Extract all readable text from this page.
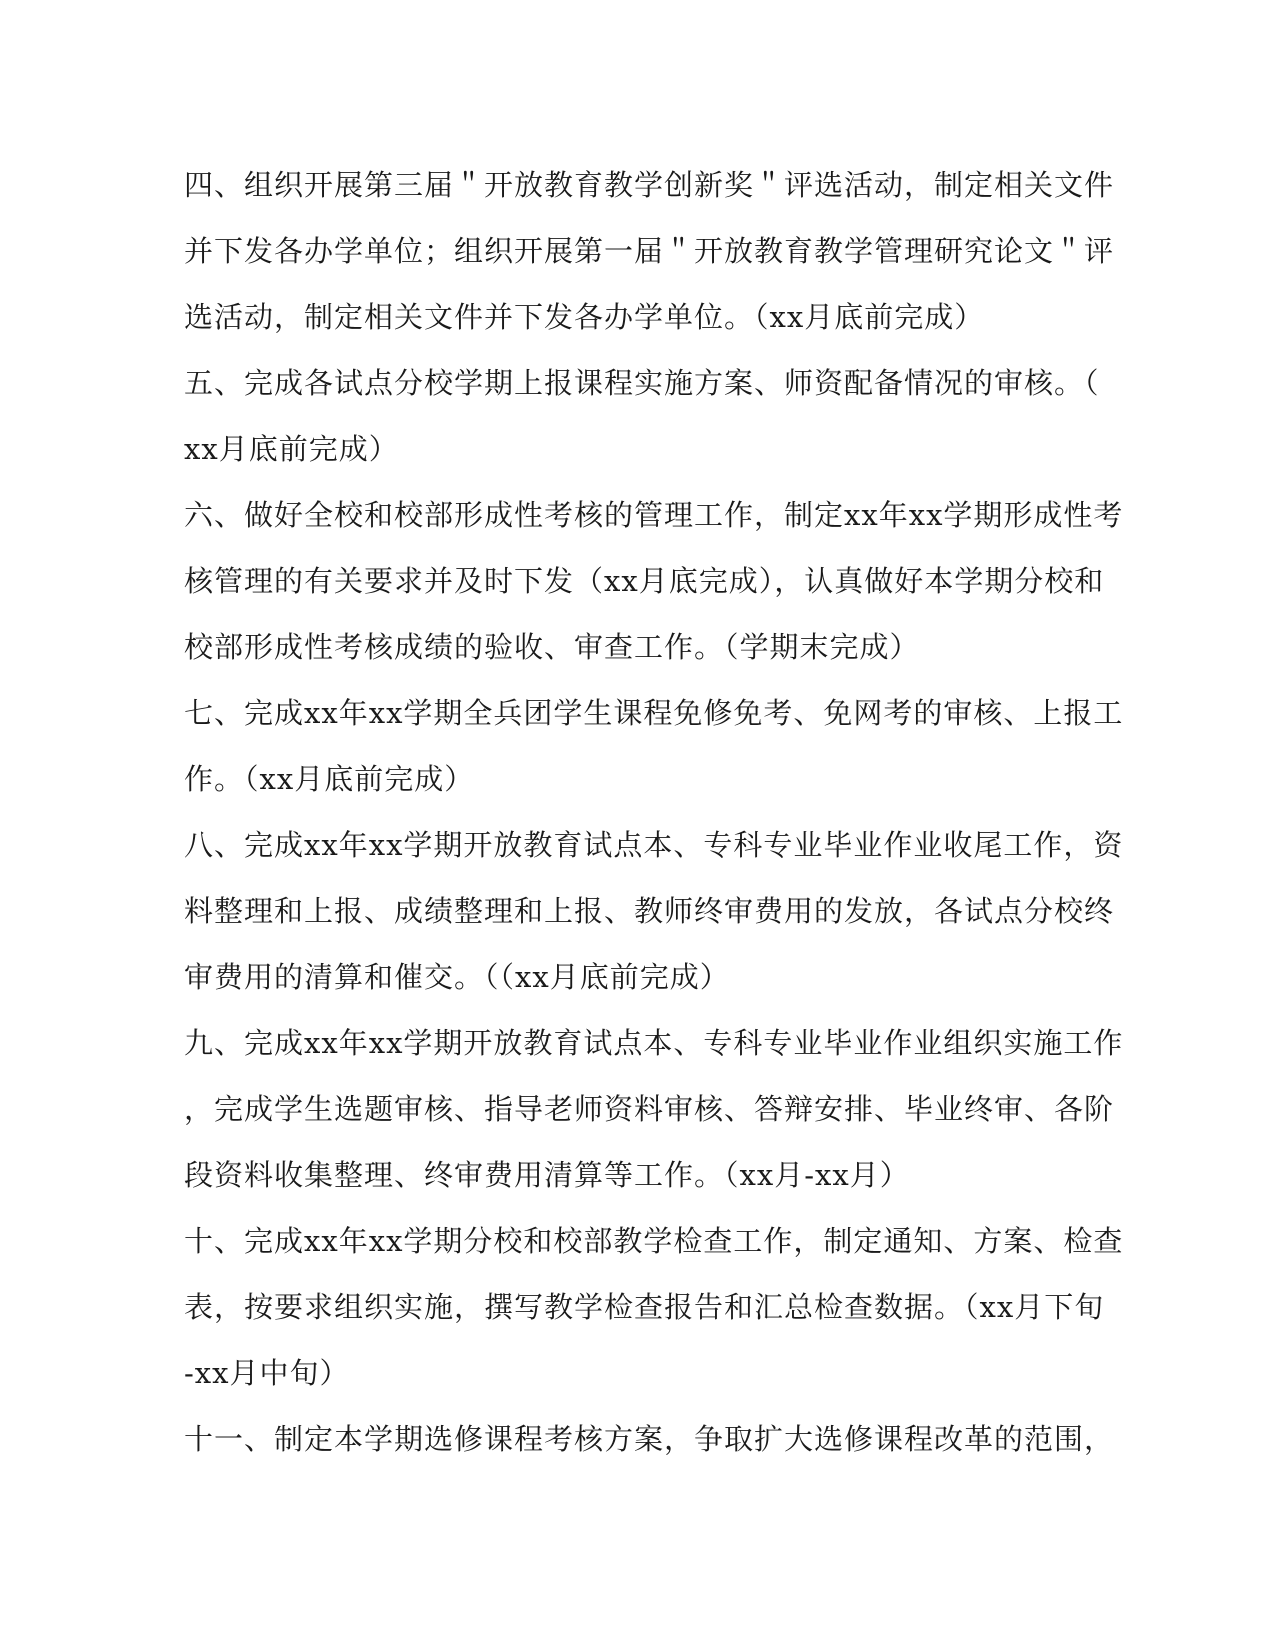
四、组织开展第三届＂开放教育教学创新奖＂评选活动，制定相关文件
并下发各办学单位；组织开展第一届＂开放教育教学管理研究论文＂评
选活动，制定相关文件并下发各办学单位。（xx月底前完成）
五、完成各试点分校学期上报课程实施方案、师资配备情况的审核。（
xx月底前完成）
六、做好全校和校部形成性考核的管理工作，制定xx年xx学期形成性考
核管理的有关要求并及时下发（xx月底完成），认真做好本学期分校和
校部形成性考核成绩的验收、审查工作。（学期末完成）
七、完成xx年xx学期全兵团学生课程免修免考、免网考的审核、上报工
作。（xx月底前完成）
八、完成xx年xx学期开放教育试点本、专科专业毕业作业收尾工作，资
料整理和上报、成绩整理和上报、教师终审费用的发放，各试点分校终
审费用的清算和催交。（（xx月底前完成）
九、完成xx年xx学期开放教育试点本、专科专业毕业作业组织实施工作
，完成学生选题审核、指导老师资料审核、答辩安排、毕业终审、各阶
段资料收集整理、终审费用清算等工作。（xx月-xx月）
十、完成xx年xx学期分校和校部教学检查工作，制定通知、方案、检查
表，按要求组织实施，撰写教学检查报告和汇总检查数据。（xx月下旬
-xx月中旬）
十一、制定本学期选修课程考核方案，争取扩大选修课程改革的范围，
